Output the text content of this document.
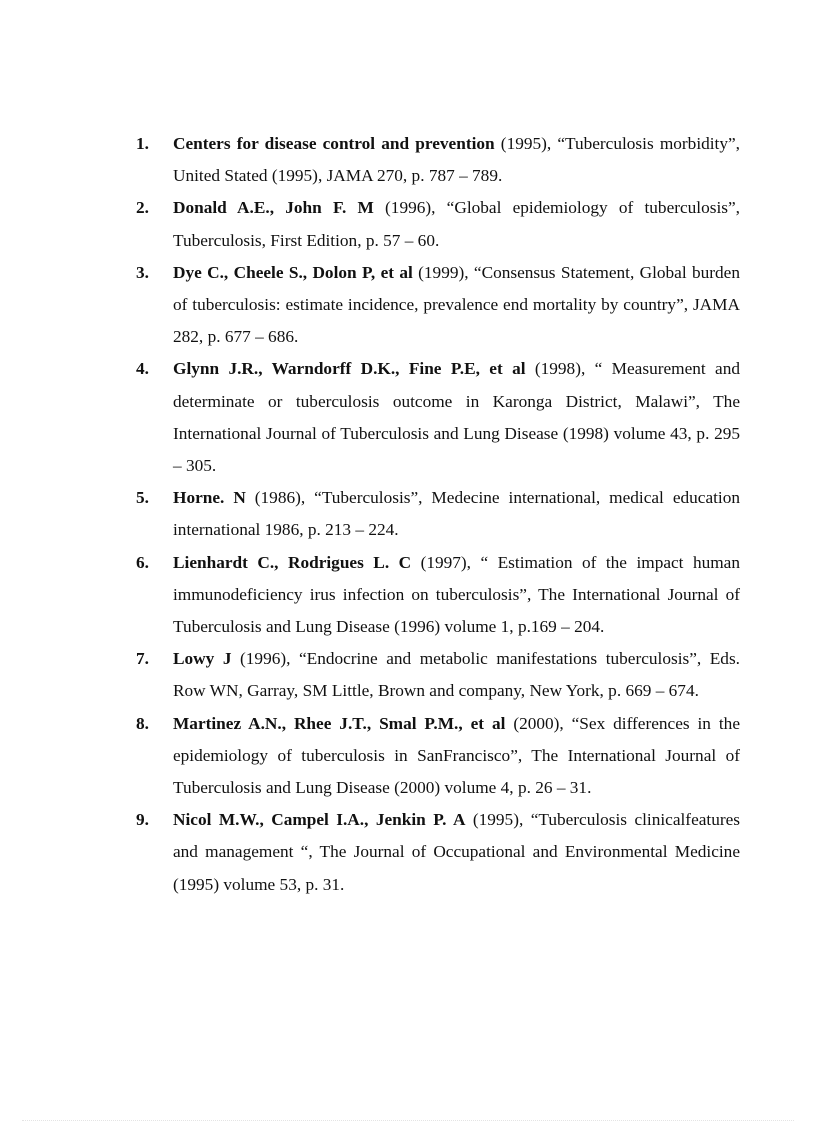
1. Centers for disease control and prevention (1995), “Tuberculosis morbidity”, United Stated (1995), JAMA 270, p. 787 – 789.
2. Donald A.E., John F. M (1996), “Global epidemiology of tuberculosis”, Tuberculosis, First Edition, p. 57 – 60.
3. Dye C., Cheele S., Dolon P, et al (1999), “Consensus Statement, Global burden of tuberculosis: estimate incidence, prevalence end mortality by country”, JAMA 282, p. 677 – 686.
4. Glynn J.R., Warndorff D.K., Fine P.E, et al (1998), “ Measurement and determinate or tuberculosis outcome in Karonga District, Malawi”, The International Journal of Tuberculosis and Lung Disease (1998) volume 43, p. 295 – 305.
5. Horne. N (1986), “Tuberculosis”, Medecine international, medical education international 1986, p. 213 – 224.
6. Lienhardt C., Rodrigues L. C (1997), “ Estimation of the impact human immunodeficiency irus infection on tuberculosis”, The International Journal of Tuberculosis and Lung Disease (1996) volume 1, p.169 – 204.
7. Lowy J (1996), “Endocrine and metabolic manifestations tuberculosis”, Eds. Row WN, Garray, SM Little, Brown and company, New York, p. 669 – 674.
8. Martinez A.N., Rhee J.T., Smal P.M., et al (2000), “Sex differences in the epidemiology of tuberculosis in SanFrancisco”, The International Journal of Tuberculosis and Lung Disease (2000) volume 4, p. 26 – 31.
9. Nicol M.W., Campel I.A., Jenkin P. A (1995), “Tuberculosis clinicalfeatures and management “, The Journal of Occupational and Environmental Medicine (1995) volume 53, p. 31.
